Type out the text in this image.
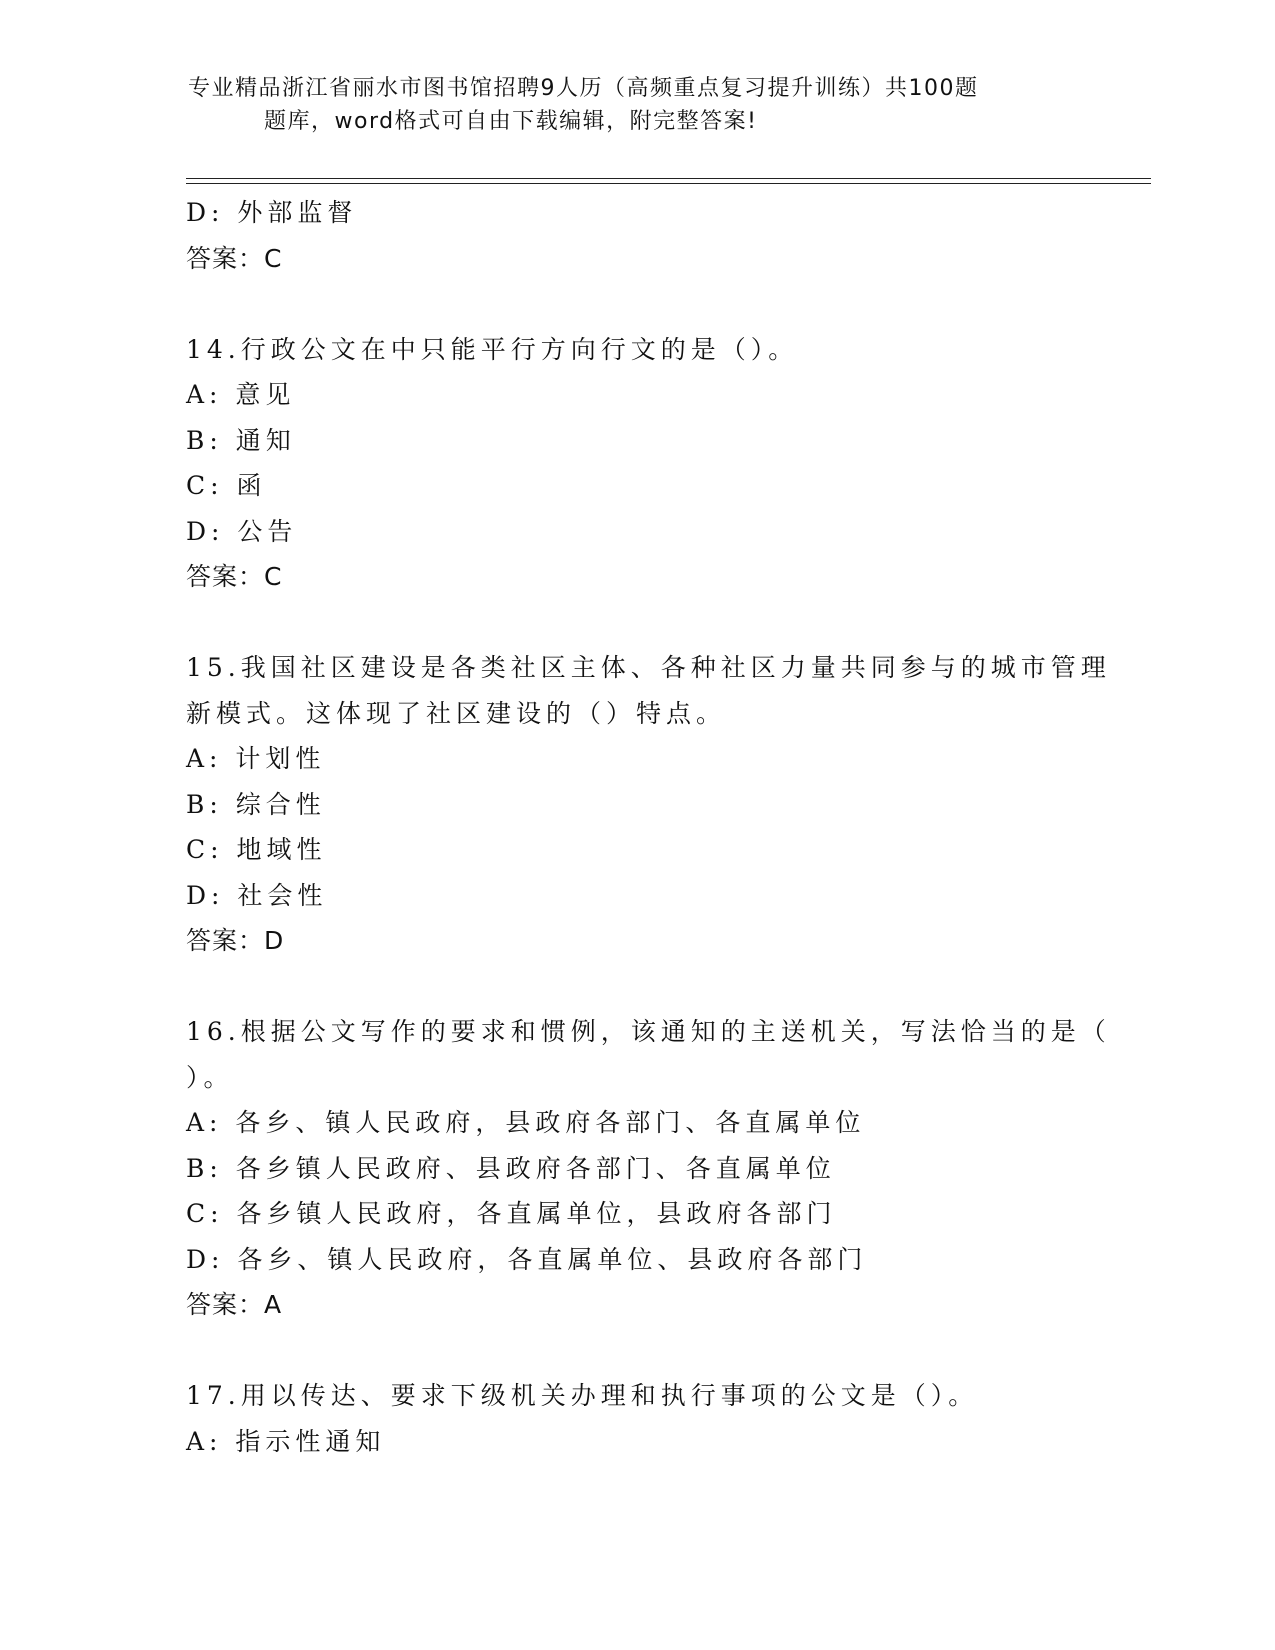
专业精品浙江省丽水市图书馆招聘9人历（高频重点复习提升训练）共100题
题库，word格式可自由下载编辑，附完整答案!
D: 外部监督
答案：C
14.行政公文在中只能平行方向行文的是（）。
A: 意见
B: 通知
C: 函
D: 公告
答案：C
15.我国社区建设是各类社区主体、各种社区力量共同参与的城市管理
新模式。这体现了社区建设的（）特点。
A: 计划性
B: 综合性
C: 地域性
D: 社会性
答案：D
16.根据公文写作的要求和惯例，该通知的主送机关，写法恰当的是（
）。
A: 各乡、镇人民政府，县政府各部门、各直属单位
B: 各乡镇人民政府、县政府各部门、各直属单位
C: 各乡镇人民政府，各直属单位，县政府各部门
D: 各乡、镇人民政府，各直属单位、县政府各部门
答案：A
17.用以传达、要求下级机关办理和执行事项的公文是（）。
A: 指示性通知
